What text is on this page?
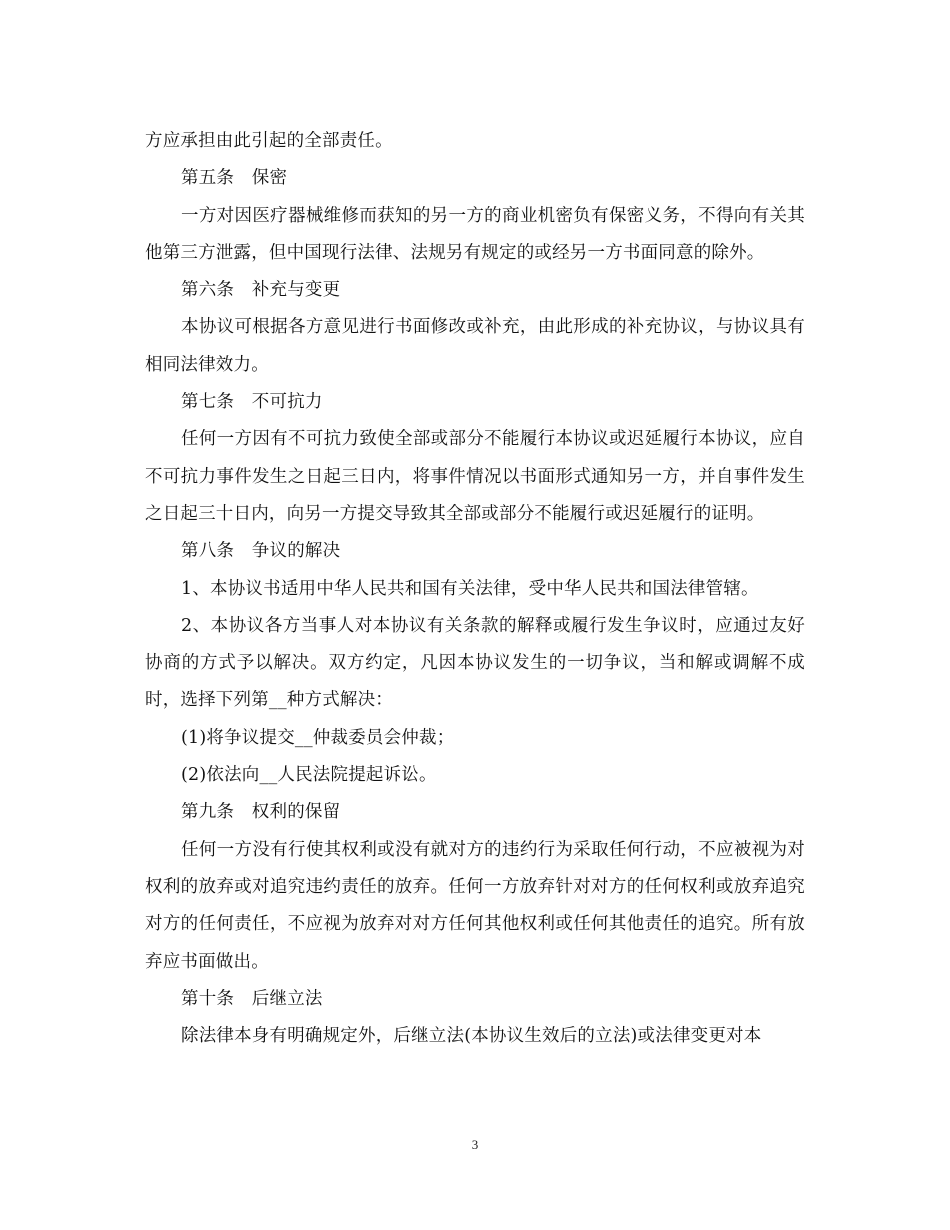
方应承担由此引起的全部责任。

第五条　保密

一方对因医疗器械维修而获知的另一方的商业机密负有保密义务，不得向有关其他第三方泄露，但中国现行法律、法规另有规定的或经另一方书面同意的除外。

第六条　补充与变更

本协议可根据各方意见进行书面修改或补充，由此形成的补充协议，与协议具有相同法律效力。

第七条　不可抗力

任何一方因有不可抗力致使全部或部分不能履行本协议或迟延履行本协议，应自不可抗力事件发生之日起三日内，将事件情况以书面形式通知另一方，并自事件发生之日起三十日内，向另一方提交导致其全部或部分不能履行或迟延履行的证明。

第八条　争议的解决

1、本协议书适用中华人民共和国有关法律，受中华人民共和国法律管辖。

2、本协议各方当事人对本协议有关条款的解释或履行发生争议时，应通过友好协商的方式予以解决。双方约定，凡因本协议发生的一切争议，当和解或调解不成时，选择下列第__种方式解决：

(1)将争议提交__仲裁委员会仲裁；

(2)依法向__人民法院提起诉讼。

第九条　权利的保留

任何一方没有行使其权利或没有就对方的违约行为采取任何行动，不应被视为对权利的放弃或对追究违约责任的放弃。任何一方放弃针对对方的任何权利或放弃追究对方的任何责任，不应视为放弃对对方任何其他权利或任何其他责任的追究。所有放弃应书面做出。

第十条　后继立法

除法律本身有明确规定外，后继立法(本协议生效后的立法)或法律变更对本

3
